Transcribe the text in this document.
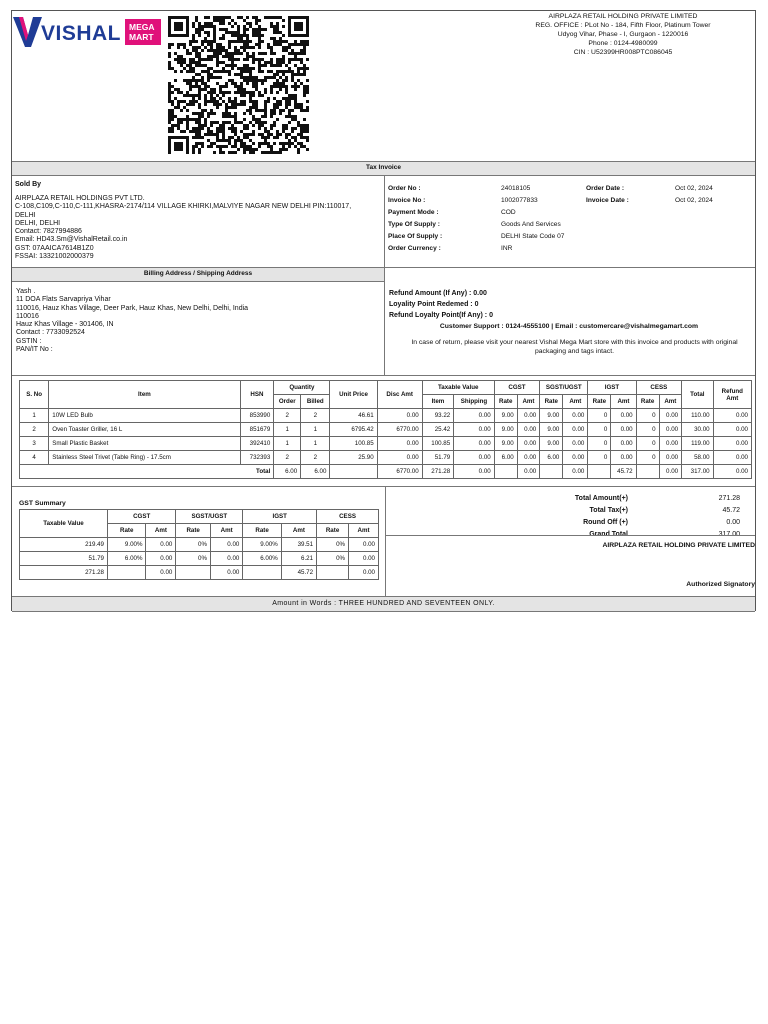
VISHAL MEGA MART
AIRPLAZA RETAIL HOLDING PRIVATE LIMITED
REG. OFFICE : PLot No - 184, Fifth Floor, Platinum Tower
Udyog Vihar, Phase - I, Gurgaon - 1220016
Phone : 0124-4980099
CIN : U52399HR008PTC086045
Tax Invoice
Sold By
AIRPLAZA RETAIL HOLDINGS PVT LTD.
C-108,C109,C-110,C-111,KHASRA-2174/114 VILLAGE KHIRKI,MALVIYE NAGAR NEW DELHI PIN:110017,
DELHI
DELHI, DELHI
Contact: 7827994886
Email: HD43.Sm@VishalRetail.co.in
GST: 07AAICA7614B1Z0
FSSAI: 13321002000379
Order No :	24018105
Invoice No :	1002077833
Payment Mode :	COD
Type Of Supply :	Goods And Services
Place Of Supply :	DELHI State Code 07
Order Currency :	INR
Order Date :	Oct 02, 2024
Invoice Date :	Oct 02, 2024
Billing Address / Shipping Address
Yash .
11 DOA Flats Sarvapriya Vihar
110016, Hauz Khas Village, Deer Park, Hauz Khas, New Delhi, Delhi, India
110016
Hauz Khas Village - 301406, IN
Contact : 7733092524
GSTIN :
PAN/IT No :
Refund Amount (If Any) : 0.00
Loyality Point Redemed : 0
Refund Loyalty Point(If Any) : 0
Customer Support : 0124-4555100 | Email : customercare@vishalmegamart.com
In case of return, please visit your nearest Vishal Mega Mart store with this invoice and products with original packaging and tags intact.
S. No	Item	HSN	Quantity		Unit Price	Disc Amt	Taxable Value		CGST		SGST/UGST		IGST		CESS		Total	Refund Amt
			Order	Billed			Item	Shipping	Rate	Amt	Rate	Amt	Rate	Amt	Rate	Amt		
1	10W LED Bulb	853990	2	2	46.61	0.00	93.22	0.00	9.00	0.00	9.00	0.00	0	0.00	0	0.00	110.00	0.00
2	Oven Toaster Griller, 16 L	851679	1	1	6795.42	6770.00	25.42	0.00	9.00	0.00	9.00	0.00	0	0.00	0	0.00	30.00	0.00
3	Small Plastic Basket	392410	1	1	100.85	0.00	100.85	0.00	9.00	0.00	9.00	0.00	0	0.00	0	0.00	119.00	0.00
4	Stainless Steel Trivet (Table Ring) - 17.5cm	732393	2	2	25.90	0.00	51.79	0.00	6.00	0.00	6.00	0.00	0	0.00	0	0.00	58.00	0.00
Total			6.00	6.00		6770.00	271.28	0.00		0.00		0.00		45.72		0.00	317.00	0.00
GST Summary
Taxable Value	CGST		SGST/UGST		IGST		CESS	
	Rate	Amt	Rate	Amt	Rate	Amt	Rate	Amt
219.49	9.00%	0.00	0%	0.00	9.00%	39.51	0%	0.00
51.79	6.00%	0.00	0%	0.00	6.00%	6.21	0%	0.00
271.28		0.00		0.00		45.72		0.00
Total Amount(+)	271.28
Total Tax(+)	45.72
Round Off (+)	0.00
Grand Total	317.00
AIRPLAZA RETAIL HOLDING PRIVATE LIMITED
Authorized Signatory
Amount in Words : THREE HUNDRED AND SEVENTEEN ONLY.
